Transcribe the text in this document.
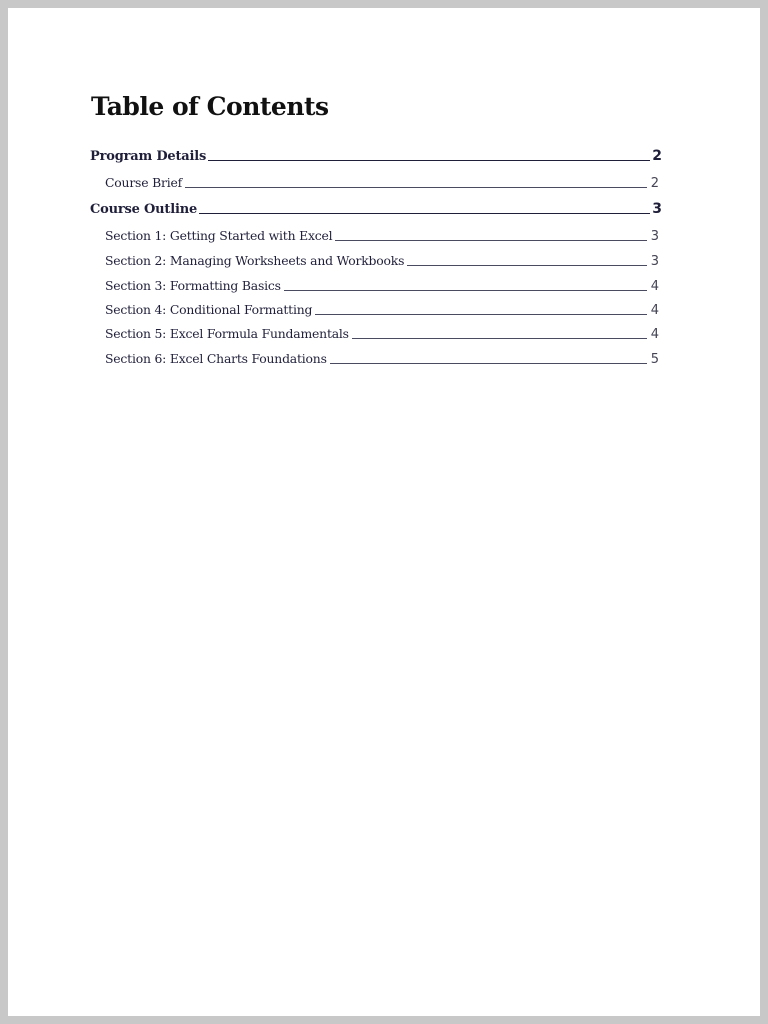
Table of Contents
Program Details	2
Course Brief	2
Course Outline	3
Section 1: Getting Started with Excel	3
Section 2: Managing Worksheets and Workbooks	3
Section 3: Formatting Basics	4
Section 4: Conditional Formatting	4
Section 5: Excel Formula Fundamentals	4
Section 6: Excel Charts Foundations	5
